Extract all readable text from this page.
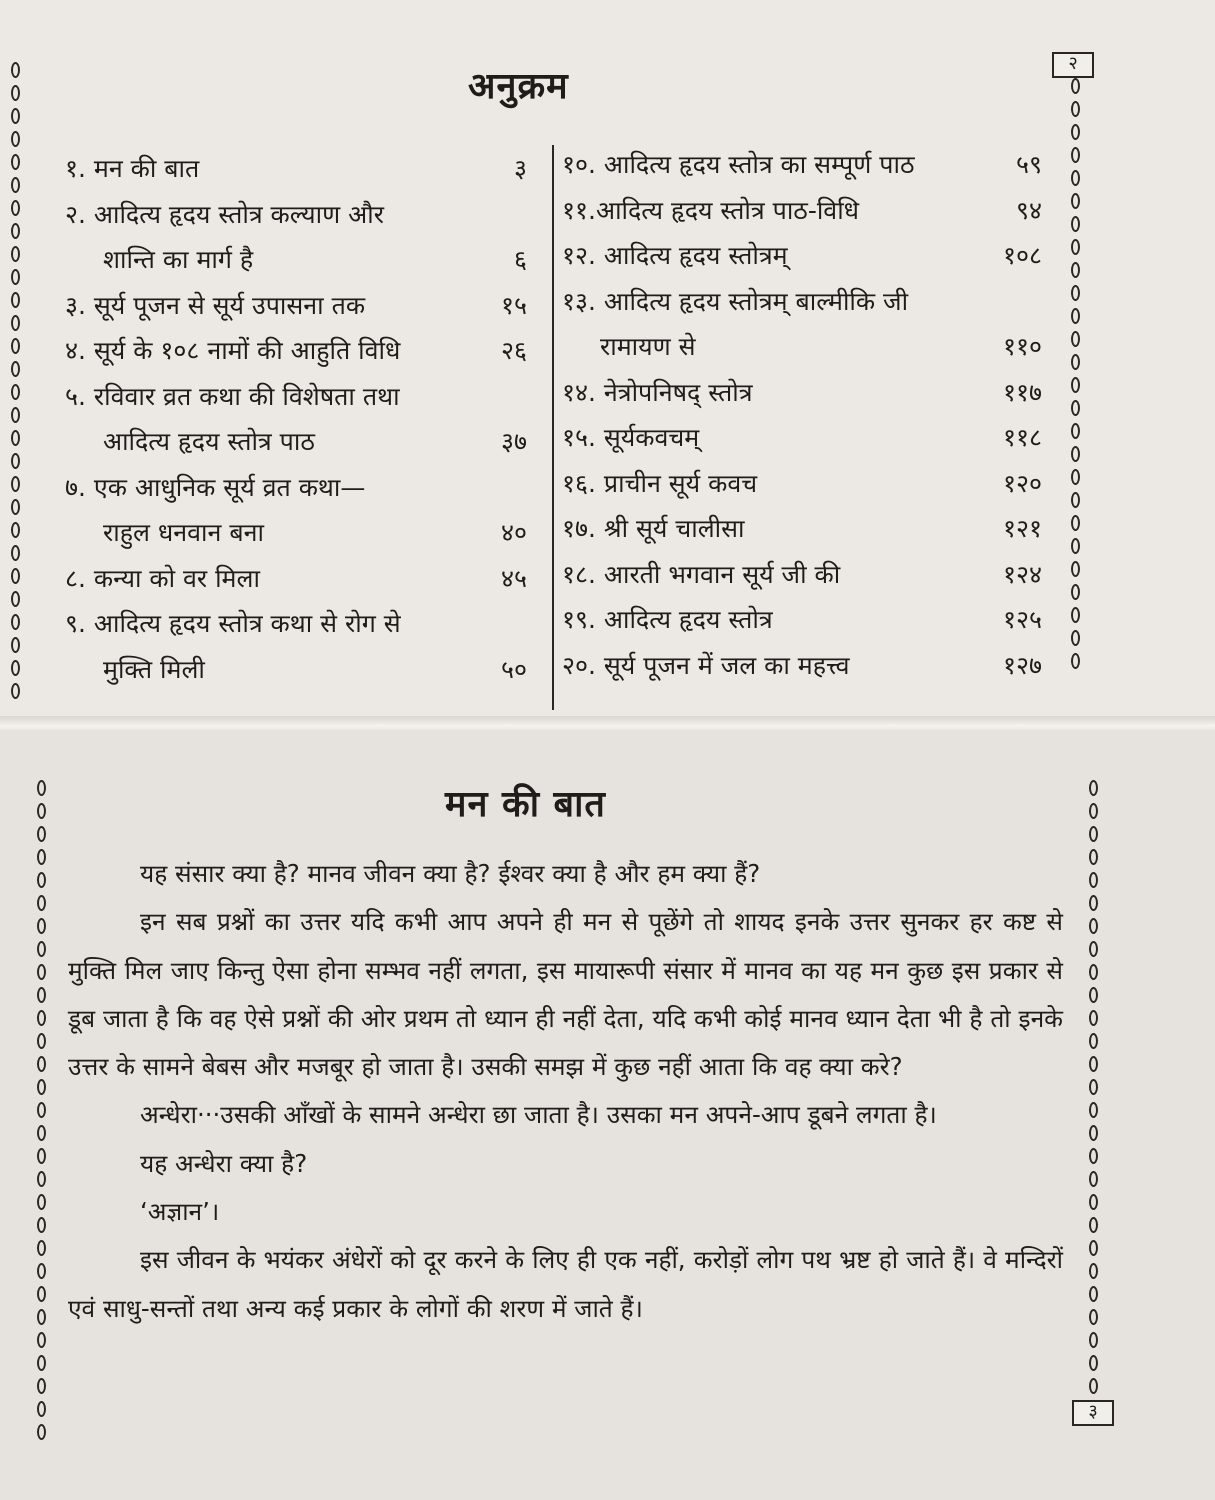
२
अनुक्रम
१. मन की बात	३
२. आदित्य हृदय स्तोत्र कल्याण और
शान्ति का मार्ग है	६
३. सूर्य पूजन से सूर्य उपासना तक	१५
४. सूर्य के १०८ नामों की आहुति विधि	२६
५. रविवार व्रत कथा की विशेषता तथा
आदित्य हृदय स्तोत्र पाठ	३७
७. एक आधुनिक सूर्य व्रत कथा—
राहुल धनवान बना	४०
८. कन्या को वर मिला	४५
९. आदित्य हृदय स्तोत्र कथा से रोग से
मुक्ति मिली	५०
१०. आदित्य हृदय स्तोत्र का सम्पूर्ण पाठ	५९
११.आदित्य हृदय स्तोत्र पाठ-विधि	९४
१२. आदित्य हृदय स्तोत्रम्	१०८
१३. आदित्य हृदय स्तोत्रम् बाल्मीकि जी
रामायण से	११०
१४. नेत्रोपनिषद् स्तोत्र	११७
१५. सूर्यकवचम्	११८
१६. प्राचीन सूर्य कवच	१२०
१७. श्री सूर्य चालीसा	१२१
१८. आरती भगवान सूर्य जी की	१२४
१९. आदित्य हृदय स्तोत्र	१२५
२०. सूर्य पूजन में जल का महत्त्व	१२७
मन की बात

यह संसार क्या है? मानव जीवन क्या है? ईश्वर क्या है और हम क्या हैं?

इन सब प्रश्नों का उत्तर यदि कभी आप अपने ही मन से पूछेंगे तो शायद इनके उत्तर सुनकर हर कष्ट से मुक्ति मिल जाए किन्तु ऐसा होना सम्भव नहीं लगता, इस मायारूपी संसार में मानव का यह मन कुछ इस प्रकार से डूब जाता है कि वह ऐसे प्रश्नों की ओर प्रथम तो ध्यान ही नहीं देता, यदि कभी कोई मानव ध्यान देता भी है तो इनके उत्तर के सामने बेबस और मजबूर हो जाता है। उसकी समझ में कुछ नहीं आता कि वह क्या करे?

अन्धेरा···उसकी आँखों के सामने अन्धेरा छा जाता है। उसका मन अपने-आप डूबने लगता है।

यह अन्धेरा क्या है?

‘अज्ञान’।

इस जीवन के भयंकर अंधेरों को दूर करने के लिए ही एक नहीं, करोड़ों लोग पथ भ्रष्ट हो जाते हैं। वे मन्दिरों एवं साधु-सन्तों तथा अन्य कई प्रकार के लोगों की शरण में जाते हैं।

३
